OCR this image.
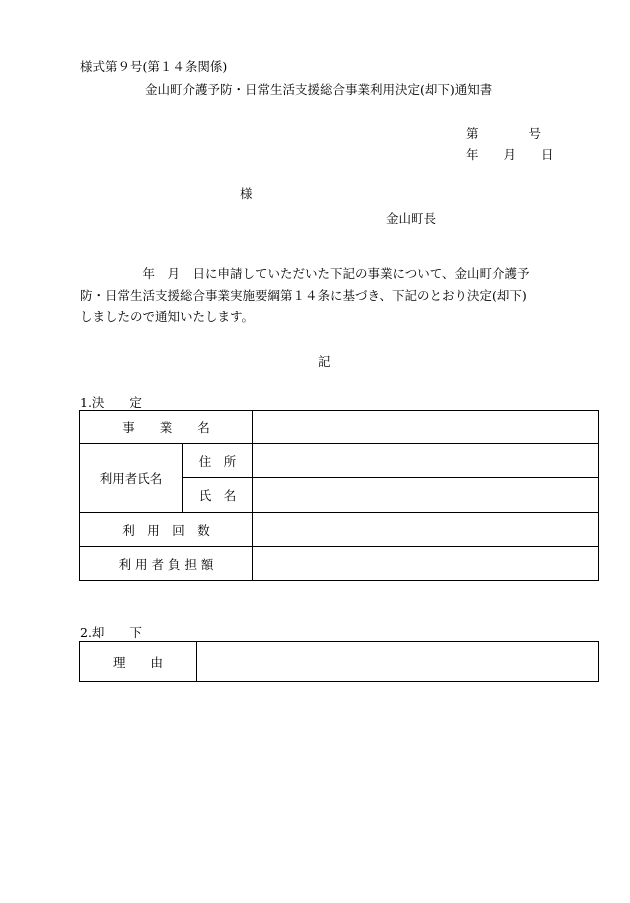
様式第９号(第１４条関係)
金山町介護予防・日常生活支援総合事業利用決定(却下)通知書
第　　　　号
年　　月　　日
様
金山町長

　　　　　年　月　日に申請していただいた下記の事業について、金山町介護予

防・日常生活支援総合事業実施要綱第１４条に基づき、下記のとおり決定(却下)

しましたので通知いたします。

記
1.決　　定
事　　業　　名		
利用者氏名	住　所	
	氏　名	
利　用　回　数		
利 用 者 負 担 額		
2.却　　下
理　　由	
